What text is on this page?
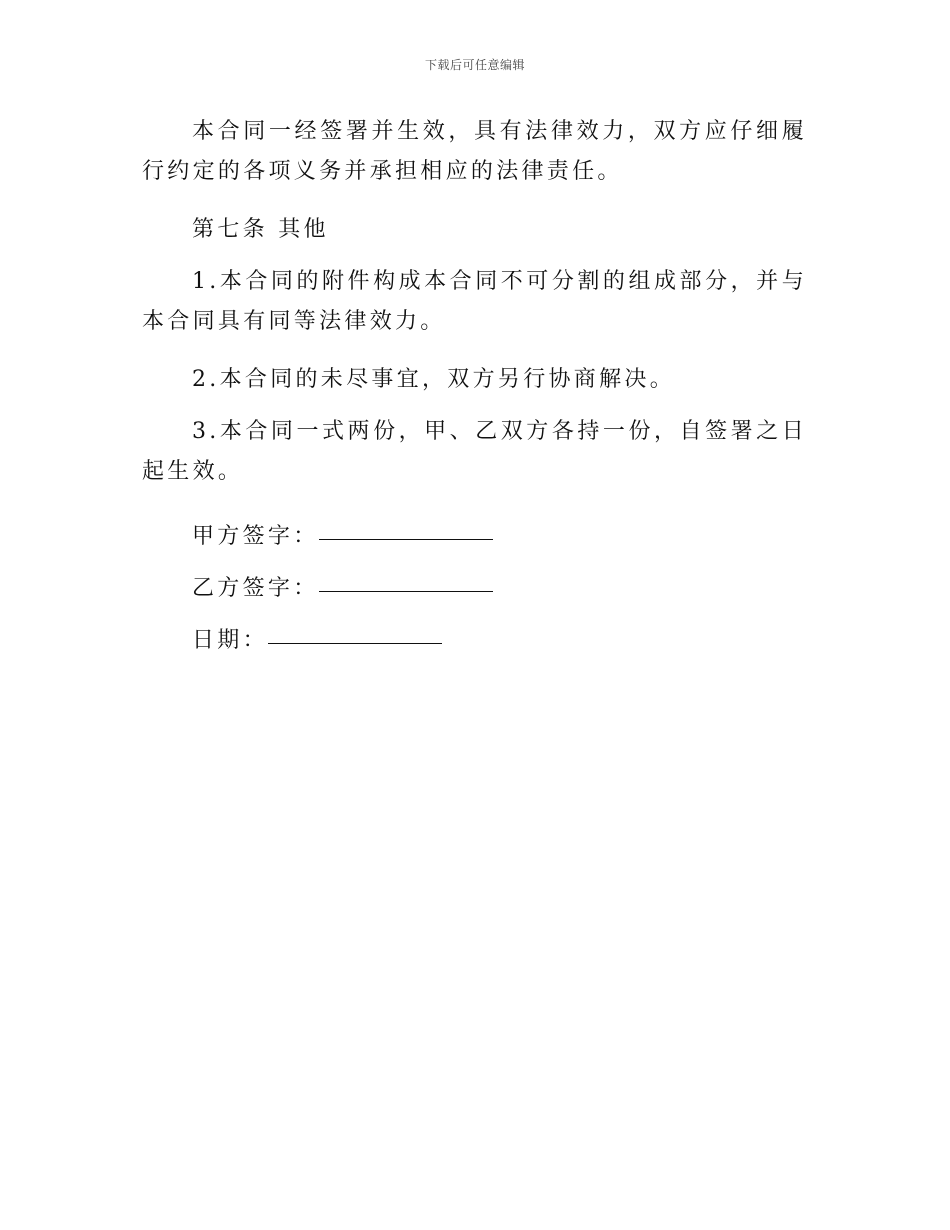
下载后可任意编辑

本合同一经签署并生效，具有法律效力，双方应仔细履行约定的各项义务并承担相应的法律责任。

第七条 其他

1.本合同的附件构成本合同不可分割的组成部分，并与本合同具有同等法律效力。

2.本合同的未尽事宜，双方另行协商解决。

3.本合同一式两份，甲、乙双方各持一份，自签署之日起生效。

甲方签字：
乙方签字：
日期：
